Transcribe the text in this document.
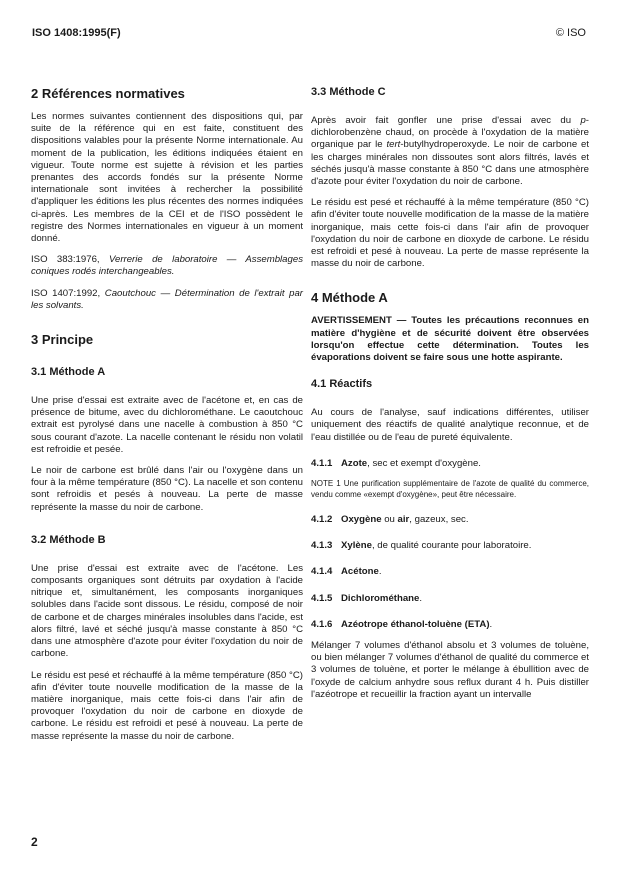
ISO 1408:1995(F)	© ISO
2 Références normatives

Les normes suivantes contiennent des dispositions qui, par suite de la référence qui en est faite, constituent des dispositions valables pour la présente Norme internationale. Au moment de la publication, les éditions indiquées étaient en vigueur. Toute norme est sujette à révision et les parties prenantes des accords fondés sur la présente Norme internationale sont invitées à rechercher la possibilité d'appliquer les éditions les plus récentes des normes indiquées ci-après. Les membres de la CEI et de l'ISO possèdent le registre des Normes internationales en vigueur à un moment donné.

ISO 383:1976, Verrerie de laboratoire — Assemblages coniques rodés interchangeables.

ISO 1407:1992, Caoutchouc — Détermination de l'extrait par les solvants.

3 Principe
3.1 Méthode A

Une prise d'essai est extraite avec de l'acétone et, en cas de présence de bitume, avec du dichlorométhane. Le caoutchouc extrait est pyrolysé dans une nacelle à combustion à 850 °C sous courant d'azote. La nacelle contenant le résidu non volatil est refroidie et pesée.

Le noir de carbone est brûlé dans l'air ou l'oxygène dans un four à la même température (850 °C). La nacelle et son contenu sont refroidis et pesés à nouveau. La perte de masse représente la masse du noir de carbone.

3.2 Méthode B

Une prise d'essai est extraite avec de l'acétone. Les composants organiques sont détruits par oxydation à l'acide nitrique et, simultanément, les composants inorganiques solubles dans l'acide sont dissous. Le résidu, composé de noir de carbone et de charges minérales insolubles dans l'acide, est alors filtré, lavé et séché jusqu'à masse constante à 850 °C dans une atmosphère d'azote pour éviter l'oxydation du noir de carbone.

Le résidu est pesé et réchauffé à la même température (850 °C) afin d'éviter toute nouvelle modification de la masse de la matière inorganique, mais cette fois-ci dans l'air afin de provoquer l'oxydation du noir de carbone en dioxyde de carbone. Le résidu est refroidi et pesé à nouveau. La perte de masse représente la masse du noir de carbone.

3.3 Méthode C

Après avoir fait gonfler une prise d'essai avec du p-dichlorobenzène chaud, on procède à l'oxydation de la matière organique par le tert-butylhydroperoxyde. Le noir de carbone et les charges minérales non dissoutes sont alors filtrés, lavés et séchés jusqu'à masse constante à 850 °C dans une atmosphère d'azote pour éviter l'oxydation du noir de carbone.

Le résidu est pesé et réchauffé à la même température (850 °C) afin d'éviter toute nouvelle modification de la masse de la matière inorganique, mais cette fois-ci dans l'air afin de provoquer l'oxydation du noir de carbone en dioxyde de carbone. Le résidu est refroidi et pesé à nouveau. La perte de masse représente la masse du noir de carbone.

4 Méthode A
AVERTISSEMENT — Toutes les précautions reconnues en matière d'hygiène et de sécurité doivent être observées lorsqu'on effectue cette détermination. Toutes les évaporations doivent se faire sous une hotte aspirante.
4.1 Réactifs

Au cours de l'analyse, sauf indications différentes, utiliser uniquement des réactifs de qualité analytique reconnue, et de l'eau distillée ou de l'eau de pureté équivalente.

4.1.1 Azote, sec et exempt d'oxygène.

NOTE 1 Une purification supplémentaire de l'azote de qualité du commerce, vendu comme «exempt d'oxygène», peut être nécessaire.

4.1.2 Oxygène ou air, gazeux, sec.

4.1.3 Xylène, de qualité courante pour laboratoire.

4.1.4 Acétone.

4.1.5 Dichlorométhane.

4.1.6 Azéotrope éthanol-toluène (ETA).

Mélanger 7 volumes d'éthanol absolu et 3 volumes de toluène, ou bien mélanger 7 volumes d'éthanol de qualité du commerce et 3 volumes de toluène, et porter le mélange à ébullition avec de l'oxyde de calcium anhydre sous reflux durant 4 h. Puis distiller l'azéotrope et recueillir la fraction ayant un intervalle

2
